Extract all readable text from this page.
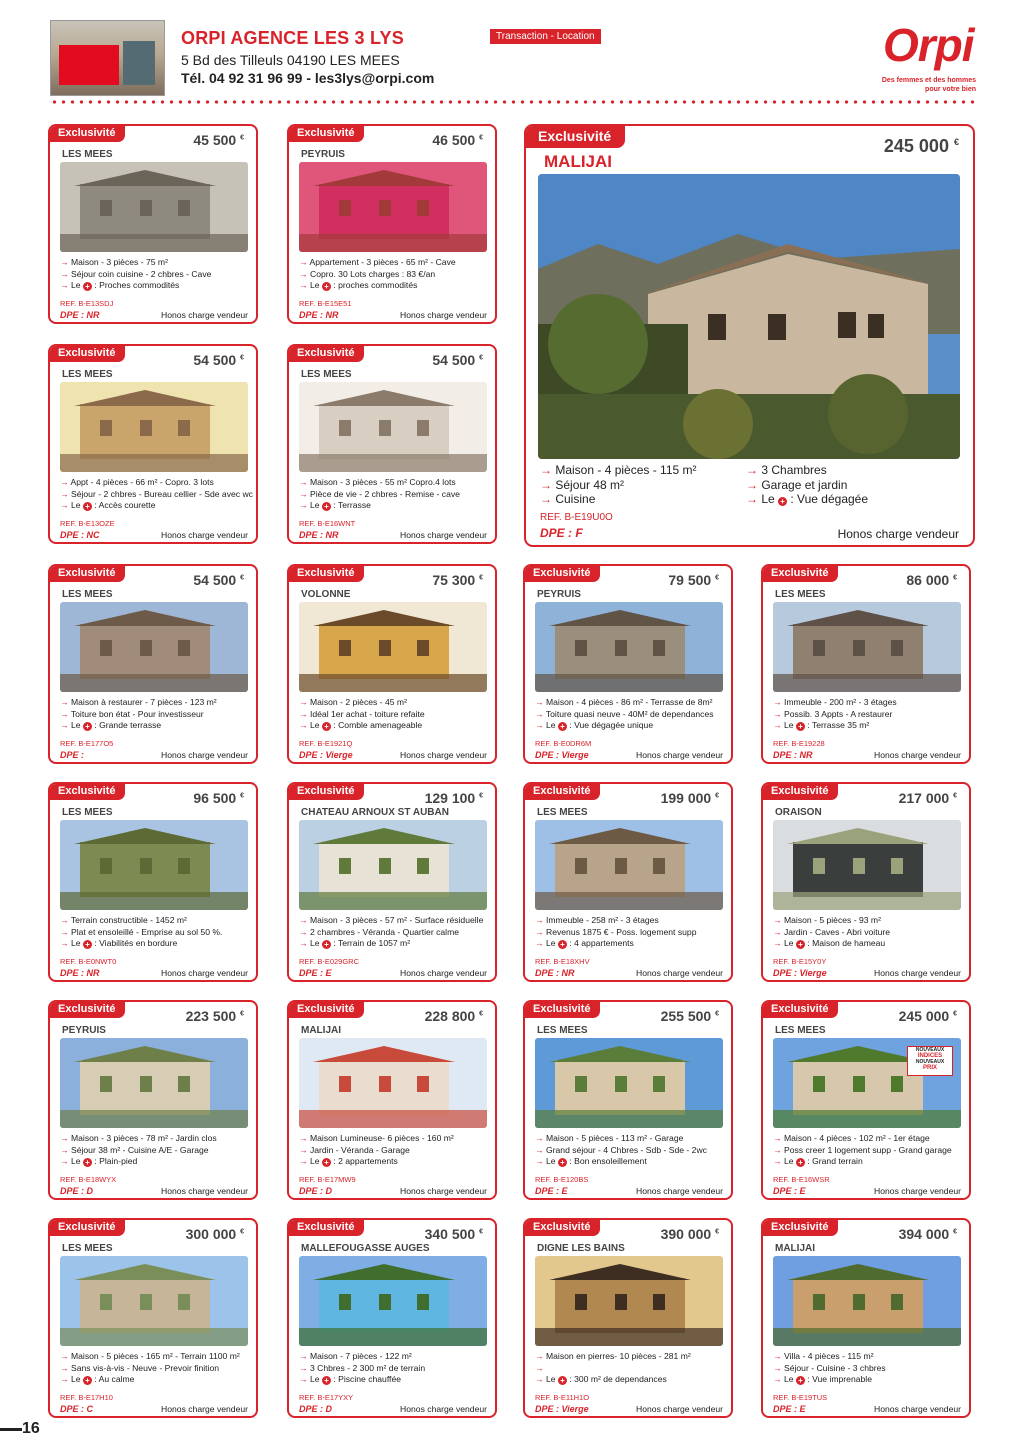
ORPI AGENCE LES 3 LYS
5 Bd des Tilleuls 04190 LES MEES
Tél. 04 92 31 96 99 - les3lys@orpi.com
Transaction - Location	Orpi
Des femmes et des hommes
pour votre bien
Exclusivité	245 000 €
MALIJAI
→ Maison - 4 pièces - 115 m²
→ Séjour 48 m²
→ Cuisine
→ 3 Chambres
→ Garage et jardin
→ Le + : Vue dégagée
REF. B-E19U0O
DPE : F	Honos charge vendeur
Exclusivité	45 500 €
LES MEES
→ Maison - 3 pièces - 75 m²
→ Séjour coin cuisine - 2 chbres - Cave
→ Le + : Proches commodités
REF. B-E13SDJ
DPE : NR	Honos charge vendeur
Exclusivité	46 500 €
PEYRUIS
→ Appartement - 3 pièces - 65 m² - Cave
→ Copro. 30 Lots charges : 83 €/an
→ Le + : proches commodités
REF. B-E15E51
DPE : NR	Honos charge vendeur
Exclusivité	54 500 €
LES MEES
→ Appt - 4 pièces - 66 m² - Copro. 3 lots
→ Séjour - 2 chbres - Bureau cellier - Sde avec wc
→ Le + : Accès courette
REF. B-E13OZE
DPE : NC	Honos charge vendeur
Exclusivité	54 500 €
LES MEES
→ Maison - 3 pièces - 55 m² Copro.4 lots
→ Pièce de vie - 2 chbres - Remise - cave
→ Le + : Terrasse
REF. B-E16WNT
DPE : NR	Honos charge vendeur
Exclusivité	54 500 €
LES MEES
→ Maison à restaurer - 7 pièces - 123 m²
→ Toiture bon état - Pour investisseur
→ Le + : Grande terrasse
REF. B-E177O5
DPE :	Honos charge vendeur
Exclusivité	75 300 €
VOLONNE
→ Maison - 2 pièces - 45 m²
→ Idéal 1er achat - toiture refaite
→ Le + : Comble amenageable
REF. B-E1921Q
DPE : Vierge	Honos charge vendeur
Exclusivité	79 500 €
PEYRUIS
→ Maison - 4 pièces - 86 m² - Terrasse de 8m²
→ Toiture quasi neuve - 40M² de dependances
→ Le + : Vue dégagée unique
REF. B-E0DR6M
DPE : Vierge	Honos charge vendeur
Exclusivité	86 000 €
LES MEES
→ Immeuble - 200 m² - 3 étages
→ Possib. 3 Appts - A restaurer
→ Le + : Terrasse 35 m²
REF. B-E19228
DPE : NR	Honos charge vendeur
Exclusivité	96 500 €
LES MEES
→ Terrain constructible - 1452 m²
→ Plat et ensoleillé - Emprise au sol 50 %.
→ Le + : Viabilités en bordure
REF. B-E0NWT0
DPE : NR	Honos charge vendeur
Exclusivité	129 100 €
CHATEAU ARNOUX ST AUBAN
→ Maison - 3 pièces - 57 m² - Surface résiduelle
→ 2 chambres - Véranda - Quartier calme
→ Le + : Terrain de 1057 m²
REF. B-E029GRC
DPE : E	Honos charge vendeur
Exclusivité	199 000 €
LES MEES
→ Immeuble - 258 m² - 3 étages
→ Revenus 1875 € - Poss. logement supp
→ Le + : 4 appartements
REF. B-E18XHV
DPE : NR	Honos charge vendeur
Exclusivité	217 000 €
ORAISON
→ Maison - 5 pièces - 93 m²
→ Jardin - Caves - Abri voiture
→ Le + : Maison de hameau
REF. B-E15Y0Y
DPE : Vierge	Honos charge vendeur
Exclusivité	223 500 €
PEYRUIS
→ Maison - 3 pièces - 78 m² - Jardin clos
→ Séjour 38 m² - Cuisine A/E - Garage
→ Le + : Plain-pied
REF. B-E18WYX
DPE : D	Honos charge vendeur
Exclusivité	228 800 €
MALIJAI
→ Maison Lumineuse- 6 pièces - 160 m²
→ Jardin - Véranda - Garage
→ Le + : 2 appartements
REF. B-E17MW9
DPE : D	Honos charge vendeur
Exclusivité	255 500 €
LES MEES
→ Maison - 5 pièces - 113 m² - Garage
→ Grand séjour - 4 Chbres - Sdb - Sde - 2wc
→ Le + : Bon ensoleillement
REF. B-E120BS
DPE : E	Honos charge vendeur
Exclusivité	245 000 €
LES MEES
NOUVEAUX
INDICES
NOUVEAUX
PRIX
→ Maison - 4 pièces - 102 m² - 1er étage
→ Poss creer 1 logement supp - Grand garage
→ Le + : Grand terrain
REF. B-E16WSR
DPE : E	Honos charge vendeur
Exclusivité	300 000 €
LES MEES
→ Maison - 5 pièces - 165 m² - Terrain 1100 m²
→ Sans vis-à-vis - Neuve - Prevoir finition
→ Le + : Au calme
REF. B-E17H10
DPE : C	Honos charge vendeur
Exclusivité	340 500 €
MALLEFOUGASSE AUGES
→ Maison - 7 pièces - 122 m²
→ 3 Chbres - 2 300 m² de terrain
→ Le + : Piscine chauffée
REF. B-E17YXY
DPE : D	Honos charge vendeur
Exclusivité	390 000 €
DIGNE LES BAINS
→ Maison en pierres- 10 pièces - 281 m²
→
→ Le + : 300 m² de dependances
REF. B-E11H1O
DPE : Vierge	Honos charge vendeur
Exclusivité	394 000 €
MALIJAI
→ Villa - 4 pièces - 115 m²
→ Séjour - Cuisine - 3 chbres
→ Le + : Vue imprenable
REF. B-E19TUS
DPE : E	Honos charge vendeur
16
